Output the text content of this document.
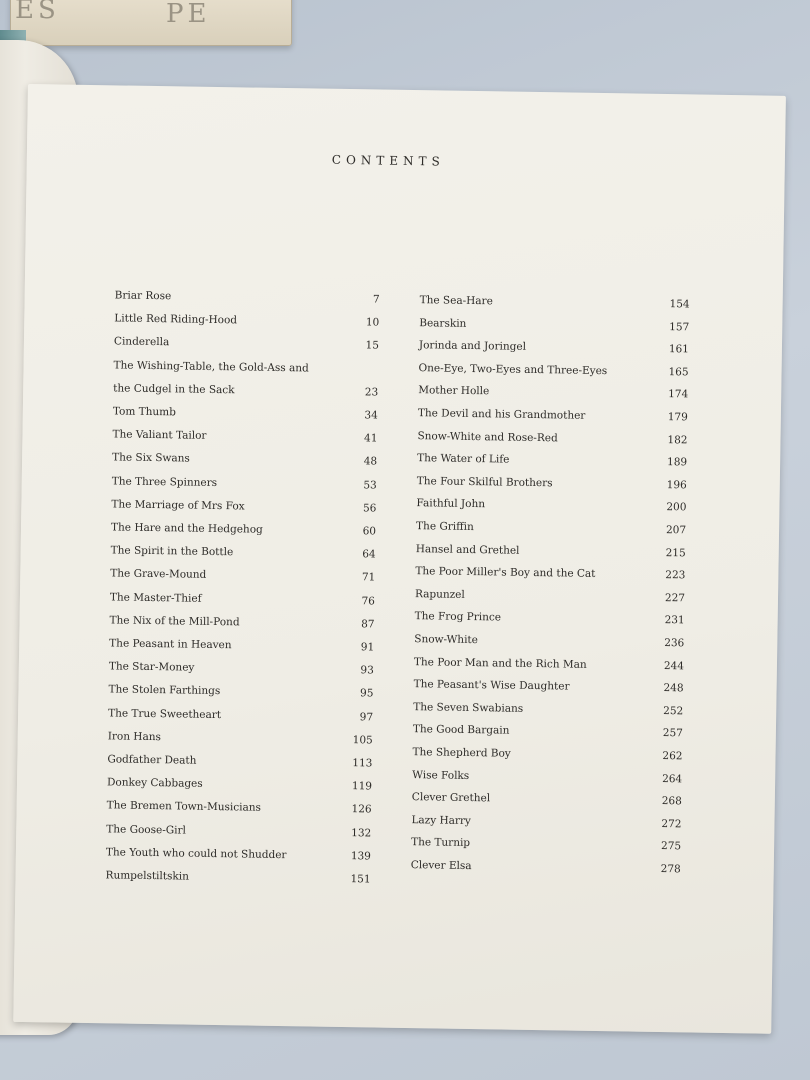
ES	PE
CONTENTS
Briar Rose	7
Little Red Riding-Hood	10
Cinderella	15
The Wishing-Table, the Gold-Ass and
the Cudgel in the Sack	23
Tom Thumb	34
The Valiant Tailor	41
The Six Swans	48
The Three Spinners	53
The Marriage of Mrs Fox	56
The Hare and the Hedgehog	60
The Spirit in the Bottle	64
The Grave-Mound	71
The Master-Thief	76
The Nix of the Mill-Pond	87
The Peasant in Heaven	91
The Star-Money	93
The Stolen Farthings	95
The True Sweetheart	97
Iron Hans	105
Godfather Death	113
Donkey Cabbages	119
The Bremen Town-Musicians	126
The Goose-Girl	132
The Youth who could not Shudder	139
Rumpelstiltskin	151
The Sea-Hare	154
Bearskin	157
Jorinda and Joringel	161
One-Eye, Two-Eyes and Three-Eyes	165
Mother Holle	174
The Devil and his Grandmother	179
Snow-White and Rose-Red	182
The Water of Life	189
The Four Skilful Brothers	196
Faithful John	200
The Griffin	207
Hansel and Grethel	215
The Poor Miller's Boy and the Cat	223
Rapunzel	227
The Frog Prince	231
Snow-White	236
The Poor Man and the Rich Man	244
The Peasant's Wise Daughter	248
The Seven Swabians	252
The Good Bargain	257
The Shepherd Boy	262
Wise Folks	264
Clever Grethel	268
Lazy Harry	272
The Turnip	275
Clever Elsa	278
